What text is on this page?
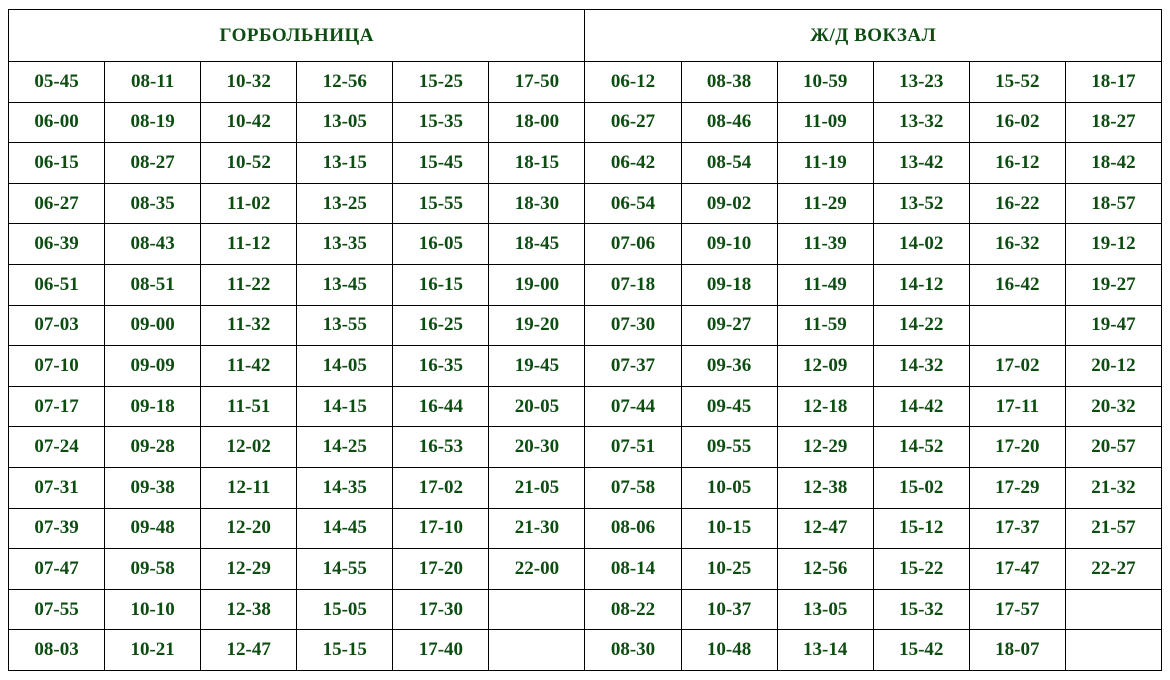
ГОРБОЛЬНИЦА						Ж/Д ВОКЗАЛ					
05-45	08-11	10-32	12-56	15-25	17-50	06-12	08-38	10-59	13-23	15-52	18-17
06-00	08-19	10-42	13-05	15-35	18-00	06-27	08-46	11-09	13-32	16-02	18-27
06-15	08-27	10-52	13-15	15-45	18-15	06-42	08-54	11-19	13-42	16-12	18-42
06-27	08-35	11-02	13-25	15-55	18-30	06-54	09-02	11-29	13-52	16-22	18-57
06-39	08-43	11-12	13-35	16-05	18-45	07-06	09-10	11-39	14-02	16-32	19-12
06-51	08-51	11-22	13-45	16-15	19-00	07-18	09-18	11-49	14-12	16-42	19-27
07-03	09-00	11-32	13-55	16-25	19-20	07-30	09-27	11-59	14-22		19-47
07-10	09-09	11-42	14-05	16-35	19-45	07-37	09-36	12-09	14-32	17-02	20-12
07-17	09-18	11-51	14-15	16-44	20-05	07-44	09-45	12-18	14-42	17-11	20-32
07-24	09-28	12-02	14-25	16-53	20-30	07-51	09-55	12-29	14-52	17-20	20-57
07-31	09-38	12-11	14-35	17-02	21-05	07-58	10-05	12-38	15-02	17-29	21-32
07-39	09-48	12-20	14-45	17-10	21-30	08-06	10-15	12-47	15-12	17-37	21-57
07-47	09-58	12-29	14-55	17-20	22-00	08-14	10-25	12-56	15-22	17-47	22-27
07-55	10-10	12-38	15-05	17-30		08-22	10-37	13-05	15-32	17-57	
08-03	10-21	12-47	15-15	17-40		08-30	10-48	13-14	15-42	18-07	
